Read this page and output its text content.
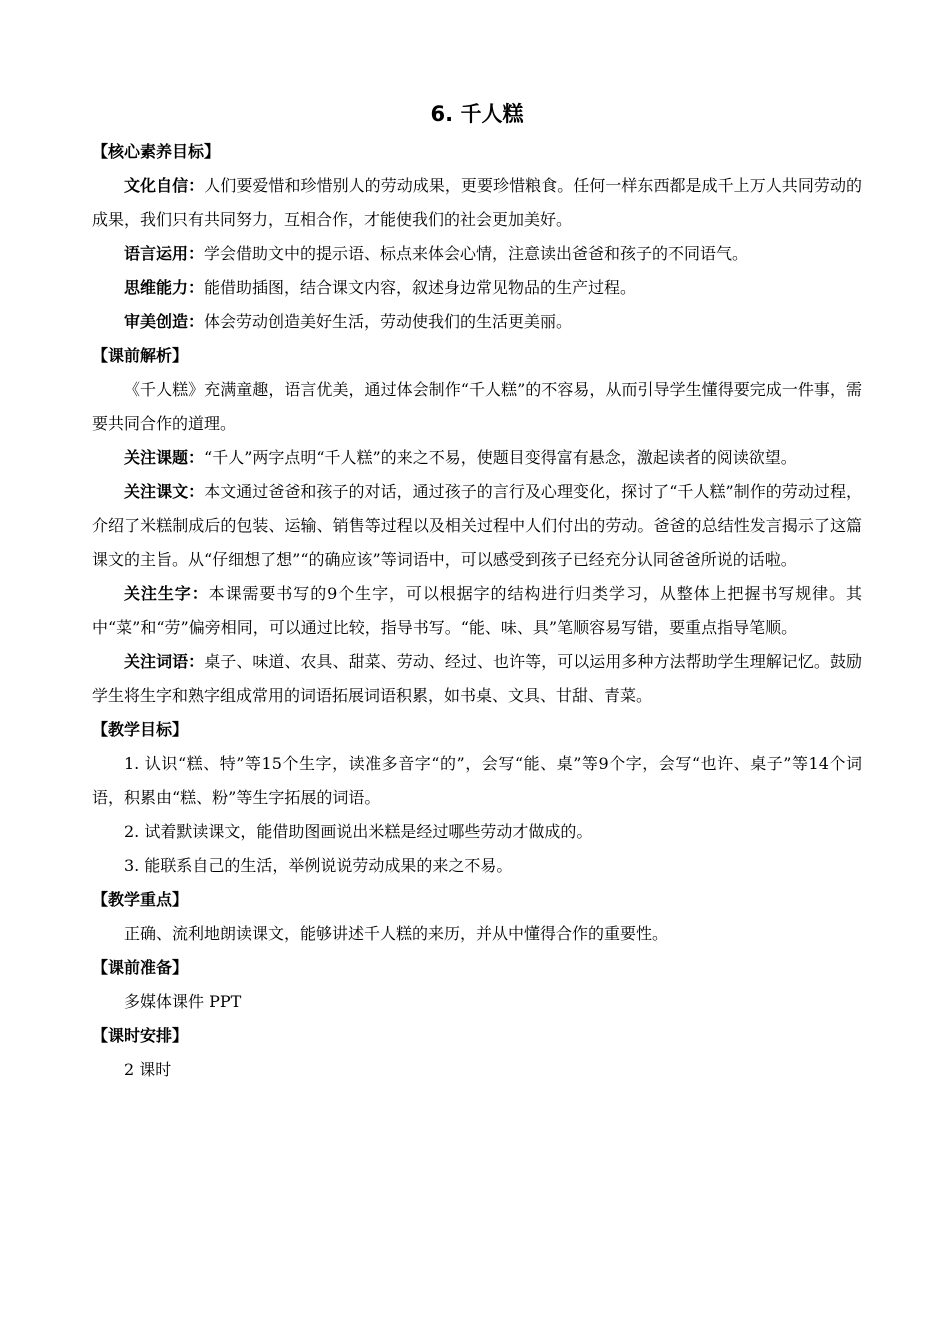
6. 千人糕
【核心素养目标】

文化自信：人们要爱惜和珍惜别人的劳动成果，更要珍惜粮食。任何一样东西都是成千上万人共同劳动的成果，我们只有共同努力，互相合作，才能使我们的社会更加美好。

语言运用：学会借助文中的提示语、标点来体会心情，注意读出爸爸和孩子的不同语气。

思维能力：能借助插图，结合课文内容，叙述身边常见物品的生产过程。

审美创造：体会劳动创造美好生活，劳动使我们的生活更美丽。

【课前解析】

《千人糕》充满童趣，语言优美，通过体会制作“千人糕”的不容易，从而引导学生懂得要完成一件事，需要共同合作的道理。

关注课题：“千人”两字点明“千人糕”的来之不易，使题目变得富有悬念，激起读者的阅读欲望。

关注课文：本文通过爸爸和孩子的对话，通过孩子的言行及心理变化，探讨了“千人糕”制作的劳动过程，介绍了米糕制成后的包装、运输、销售等过程以及相关过程中人们付出的劳动。爸爸的总结性发言揭示了这篇课文的主旨。从“仔细想了想”“的确应该”等词语中，可以感受到孩子已经充分认同爸爸所说的话啦。

关注生字：本课需要书写的9个生字，可以根据字的结构进行归类学习，从整体上把握书写规律。其中“菜”和“劳”偏旁相同，可以通过比较，指导书写。“能、味、具”笔顺容易写错，要重点指导笔顺。

关注词语：桌子、味道、农具、甜菜、劳动、经过、也许等，可以运用多种方法帮助学生理解记忆。鼓励学生将生字和熟字组成常用的词语拓展词语积累，如书桌、文具、甘甜、青菜。

【教学目标】

1. 认识“糕、特”等15个生字，读准多音字“的”，会写“能、桌”等9个字，会写“也许、桌子”等14个词语，积累由“糕、粉”等生字拓展的词语。

2. 试着默读课文，能借助图画说出米糕是经过哪些劳动才做成的。

3. 能联系自己的生活，举例说说劳动成果的来之不易。

【教学重点】

正确、流利地朗读课文，能够讲述千人糕的来历，并从中懂得合作的重要性。

【课前准备】

多媒体课件 PPT

【课时安排】

2 课时
